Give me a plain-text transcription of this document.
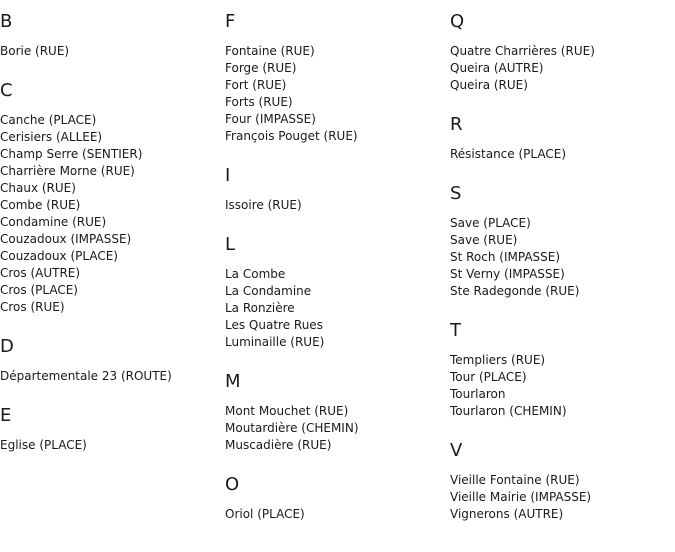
B
Borie (RUE)
C
Canche (PLACE)
Cerisiers (ALLEE)
Champ Serre (SENTIER)
Charrière Morne (RUE)
Chaux (RUE)
Combe (RUE)
Condamine (RUE)
Couzadoux (IMPASSE)
Couzadoux (PLACE)
Cros (AUTRE)
Cros (PLACE)
Cros (RUE)
D
Départementale 23 (ROUTE)
E
Eglise (PLACE)
F
Fontaine (RUE)
Forge (RUE)
Fort (RUE)
Forts (RUE)
Four (IMPASSE)
François Pouget (RUE)
I
Issoire (RUE)
L
La Combe
La Condamine
La Ronzière
Les Quatre Rues
Luminaille (RUE)
M
Mont Mouchet (RUE)
Moutardière (CHEMIN)
Muscadière (RUE)
O
Oriol (PLACE)
Q
Quatre Charrières (RUE)
Queira (AUTRE)
Queira (RUE)
R
Résistance (PLACE)
S
Save (PLACE)
Save (RUE)
St Roch (IMPASSE)
St Verny (IMPASSE)
Ste Radegonde (RUE)
T
Templiers (RUE)
Tour (PLACE)
Tourlaron
Tourlaron (CHEMIN)
V
Vieille Fontaine (RUE)
Vieille Mairie (IMPASSE)
Vignerons (AUTRE)
